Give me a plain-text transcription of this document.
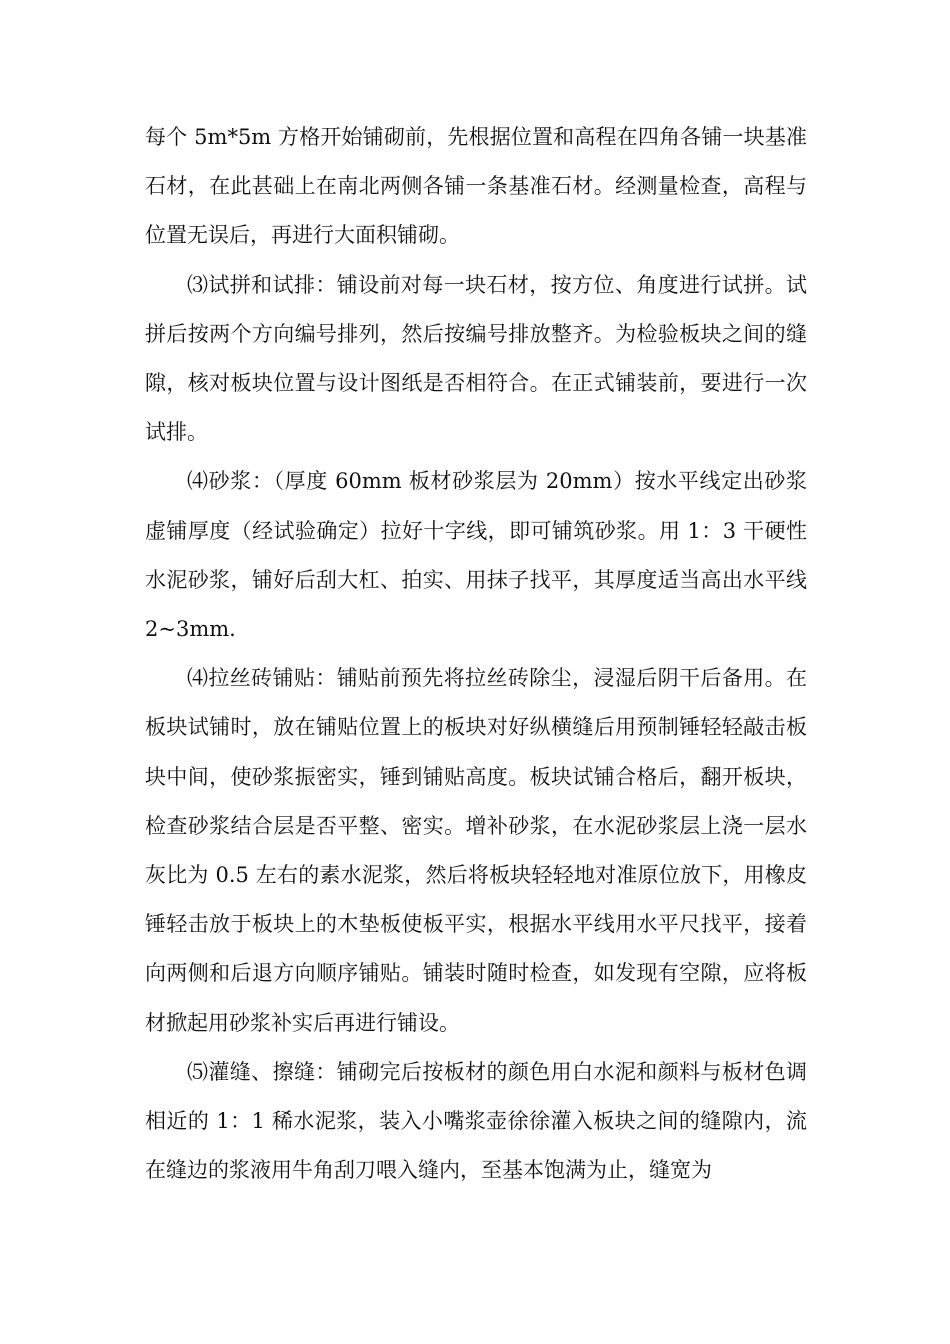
每个 5m*5m 方格开始铺砌前，先根据位置和高程在四角各铺一块基准石材，在此甚础上在南北两侧各铺一条基准石材。经测量检查，高程与位置无误后，再进行大面积铺砌。

⑶试拼和试排：铺设前对每一块石材，按方位、角度进行试拼。试拼后按两个方向编号排列，然后按编号排放整齐。为检验板块之间的缝隙，核对板块位置与设计图纸是否相符合。在正式铺装前，要进行一次试排。

⑷砂浆：（厚度 60mm 板材砂浆层为 20mm）按水平线定出砂浆虚铺厚度（经试验确定）拉好十字线，即可铺筑砂浆。用 1：3 干硬性水泥砂浆，铺好后刮大杠、拍实、用抹子找平，其厚度适当高出水平线 2~3mm.

⑷拉丝砖铺贴：铺贴前预先将拉丝砖除尘，浸湿后阴干后备用。在板块试铺时，放在铺贴位置上的板块对好纵横缝后用预制锤轻轻敲击板块中间，使砂浆振密实，锤到铺贴高度。板块试铺合格后，翻开板块，检查砂浆结合层是否平整、密实。增补砂浆，在水泥砂浆层上浇一层水灰比为 0.5 左右的素水泥浆，然后将板块轻轻地对准原位放下，用橡皮锤轻击放于板块上的木垫板使板平实，根据水平线用水平尺找平，接着向两侧和后退方向顺序铺贴。铺装时随时检查，如发现有空隙，应将板材掀起用砂浆补实后再进行铺设。

⑸灌缝、擦缝：铺砌完后按板材的颜色用白水泥和颜料与板材色调相近的 1：1 稀水泥浆，装入小嘴浆壶徐徐灌入板块之间的缝隙内，流在缝边的浆液用牛角刮刀喂入缝内，至基本饱满为止，缝宽为
